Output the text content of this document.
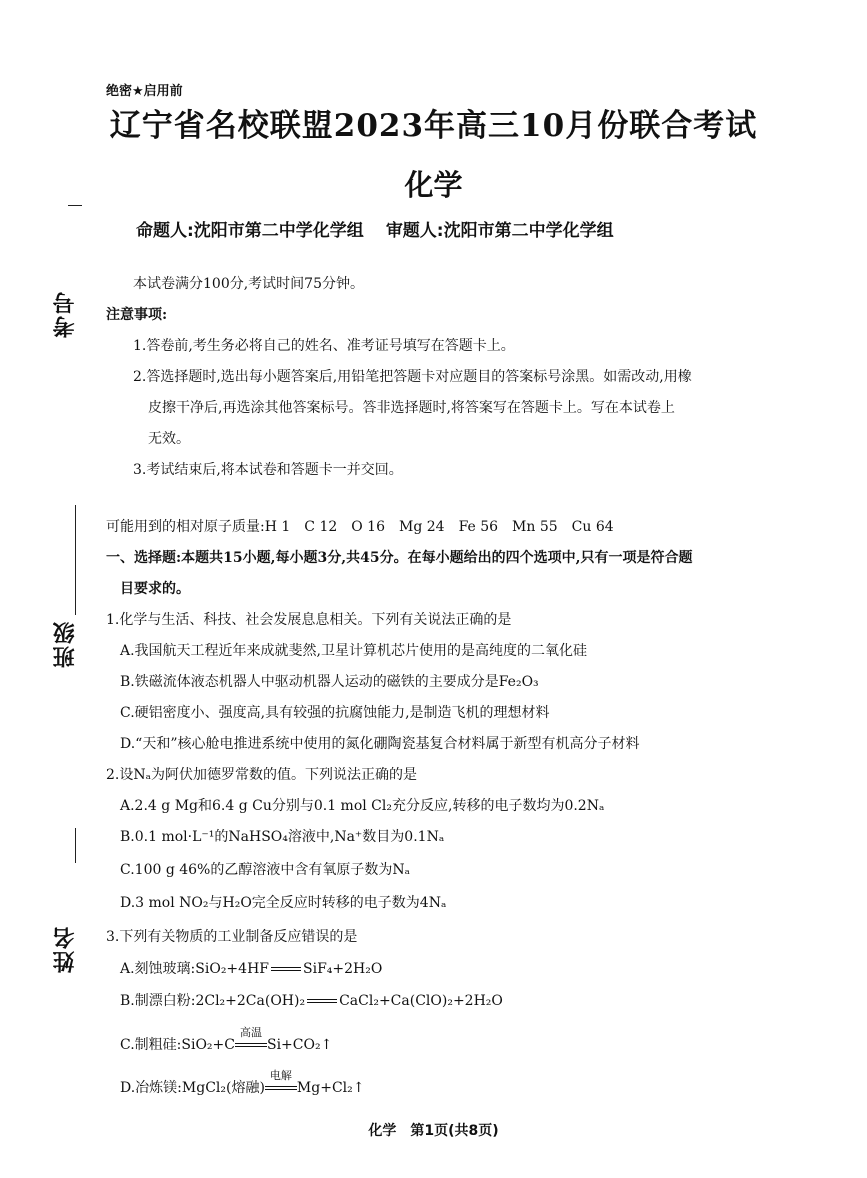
绝密★启用前
辽宁省名校联盟2023年高三10月份联合考试
化学
命题人:沈阳市第二中学化学组 审题人:沈阳市第二中学化学组
考号
班级
姓名
本试卷满分100分,考试时间75分钟。
注意事项:
1.答卷前,考生务必将自己的姓名、准考证号填写在答题卡上。
2.答选择题时,选出每小题答案后,用铅笔把答题卡对应题目的答案标号涂黑。如需改动,用橡
皮擦干净后,再选涂其他答案标号。答非选择题时,将答案写在答题卡上。写在本试卷上
无效。
3.考试结束后,将本试卷和答题卡一并交回。
可能用到的相对原子质量:H 1　C 12　O 16　Mg 24　Fe 56　Mn 55　Cu 64
一、选择题:本题共15小题,每小题3分,共45分。在每小题给出的四个选项中,只有一项是符合题
目要求的。
1.化学与生活、科技、社会发展息息相关。下列有关说法正确的是
A.我国航天工程近年来成就斐然,卫星计算机芯片使用的是高纯度的二氧化硅
B.铁磁流体液态机器人中驱动机器人运动的磁铁的主要成分是Fe₂O₃
C.硬铝密度小、强度高,具有较强的抗腐蚀能力,是制造飞机的理想材料
D.“天和”核心舱电推进系统中使用的氮化硼陶瓷基复合材料属于新型有机高分子材料
2.设Nₐ为阿伏加德罗常数的值。下列说法正确的是
A.2.4 g Mg和6.4 g Cu分别与0.1 mol Cl₂充分反应,转移的电子数均为0.2Nₐ
B.0.1 mol·L⁻¹的NaHSO₄溶液中,Na⁺数目为0.1Nₐ
C.100 g 46%的乙醇溶液中含有氧原子数为Nₐ
D.3 mol NO₂与H₂O完全反应时转移的电子数为4Nₐ
3.下列有关物质的工业制备反应错误的是
A.刻蚀玻璃:SiO₂+4HF SiF₄+2H₂O
B.制漂白粉:2Cl₂+2Ca(OH)₂ CaCl₂+Ca(ClO)₂+2H₂O
C.制粗硅:SiO₂+C
高温
Si+CO₂↑
D.冶炼镁:MgCl₂(熔融)
电解
Mg+Cl₂↑
化学　第1页(共8页)
